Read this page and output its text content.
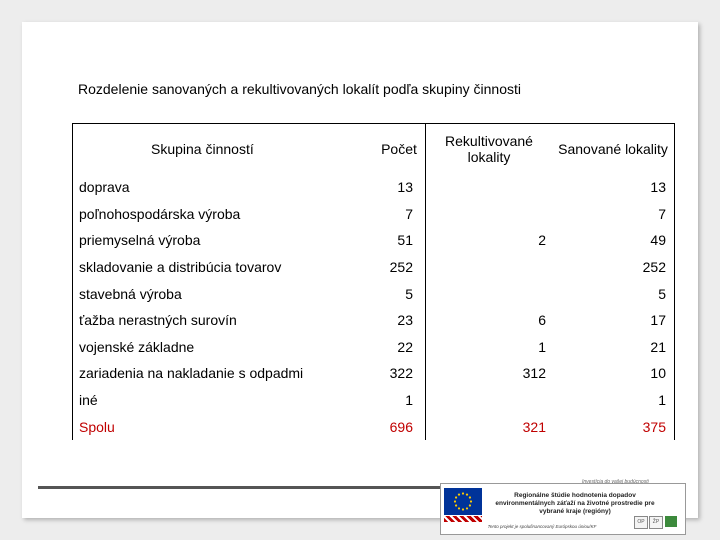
Rozdelenie sanovaných a rekultivovaných lokalít podľa skupiny činnosti
Skupina činností	Počet	Rekultivované lokality	Sanované lokality
doprava	13		13
poľnohospodárska výroba	7		7
priemyselná výroba	51	2	49
skladovanie a distribúcia tovarov	252		252
stavebná výroba	5		5
ťažba nerastných surovín	23	6	17
vojenské základne	22	1	21
zariadenia na nakladanie s odpadmi	322	312	10
iné	1		1
Spolu	696	321	375
Investícia do vašej budúcnosti
Regionálne štúdie hodnotenia dopadov environmentálnych záťaží na životné prostredie pre vybrané kraje (regióny)
Tento projekt je spolufinancovaný Európskou úniou/KF
OP	ŽP
